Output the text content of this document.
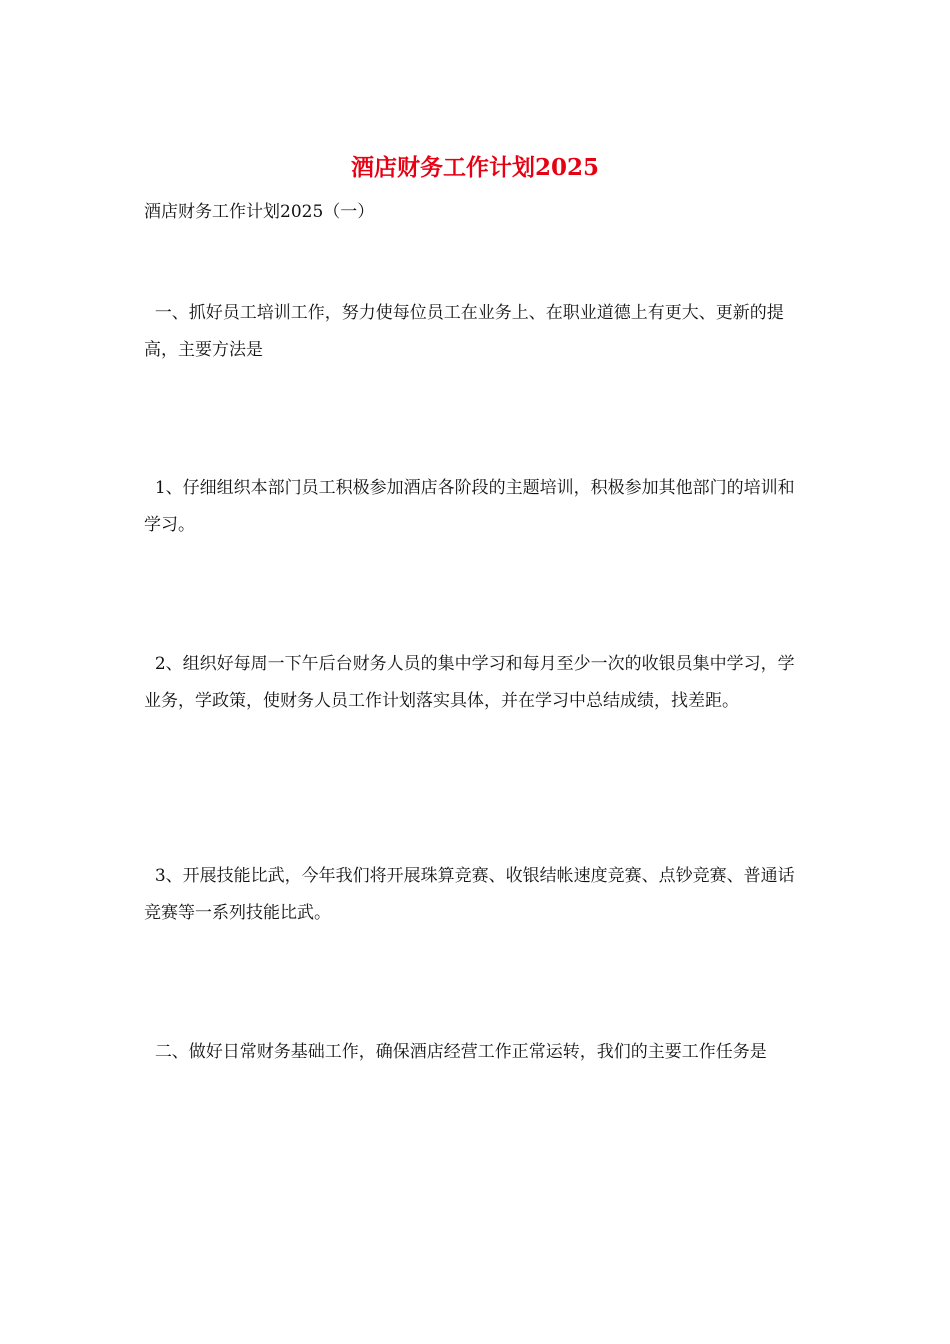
酒店财务工作计划2025

酒店财务工作计划2025（一）

一、抓好员工培训工作，努力使每位员工在业务上、在职业道德上有更大、更新的提高，主要方法是

1、仔细组织本部门员工积极参加酒店各阶段的主题培训，积极参加其他部门的培训和学习。

2、组织好每周一下午后台财务人员的集中学习和每月至少一次的收银员集中学习，学业务，学政策，使财务人员工作计划落实具体，并在学习中总结成绩，找差距。

3、开展技能比武，今年我们将开展珠算竞赛、收银结帐速度竞赛、点钞竞赛、普通话竞赛等一系列技能比武。

二、做好日常财务基础工作，确保酒店经营工作正常运转，我们的主要工作任务是
